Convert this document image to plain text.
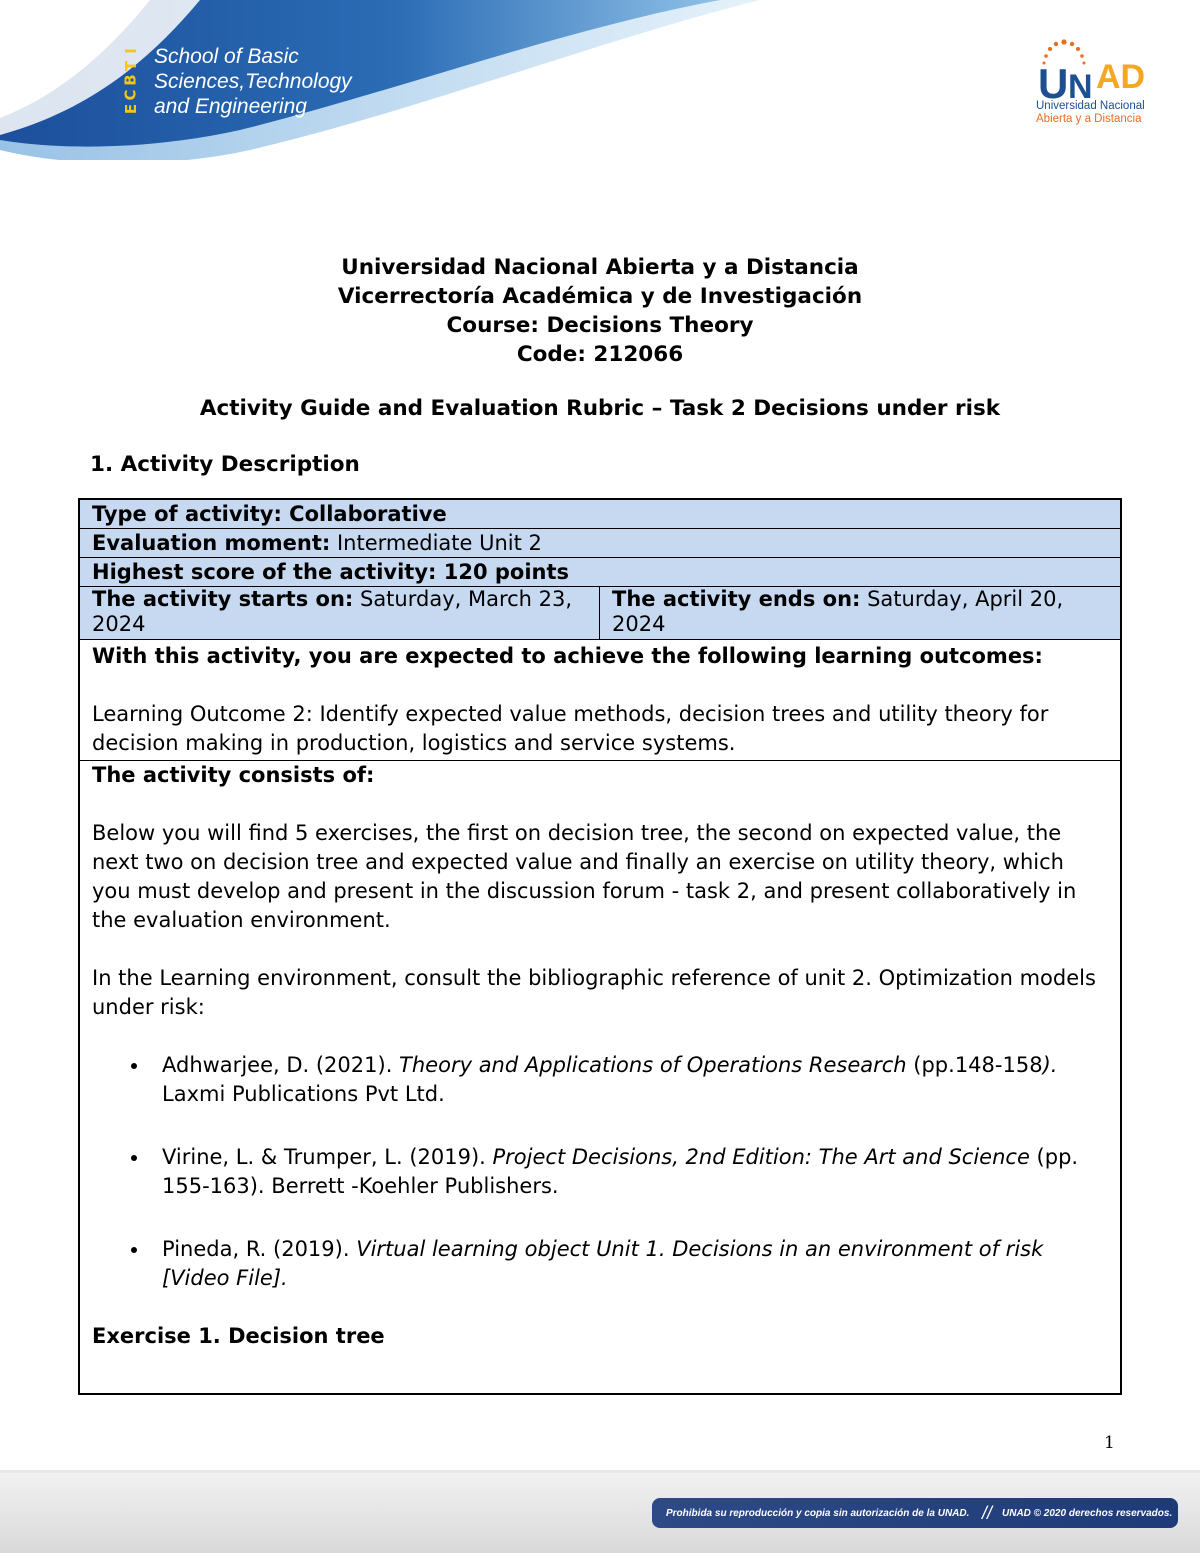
I
T
B
C
E
School of Basic
Sciences,Technology
and Engineering	U N AD
Universidad Nacional
Abierta y a Distancia
Universidad Nacional Abierta y a Distancia
Vicerrectoría Académica y de Investigación
Course: Decisions Theory
Code: 212066
Activity Guide and Evaluation Rubric – Task 2 Decisions under risk
1. Activity Description
Type of activity: Collaborative
Evaluation moment: Intermediate Unit 2
Highest score of the activity: 120 points
The activity starts on: Saturday, March 23, 2024
The activity ends on: Saturday, April 20, 2024
With this activity, you are expected to achieve the following learning outcomes:
Learning Outcome 2: Identify expected value methods, decision trees and utility theory for decision making in production, logistics and service systems.
The activity consists of:
Below you will find 5 exercises, the first on decision tree, the second on expected value, the next two on decision tree and expected value and finally an exercise on utility theory, which you must develop and present in the discussion forum - task 2, and present collaboratively in the evaluation environment.
In the Learning environment, consult the bibliographic reference of unit 2. Optimization models under risk:
• Adhwarjee, D. (2021). Theory and Applications of Operations Research (pp.148-158). Laxmi Publications Pvt Ltd.
• Virine, L. & Trumper, L. (2019). Project Decisions, 2nd Edition: The Art and Science (pp. 155-163). Berrett -Koehler Publishers.
• Pineda, R. (2019). Virtual learning object Unit 1. Decisions in an environment of risk [Video File].
Exercise 1. Decision tree
1
Prohibida su reproducción y copia sin autorización de la UNAD. //	UNAD © 2020 derechos reservados.
